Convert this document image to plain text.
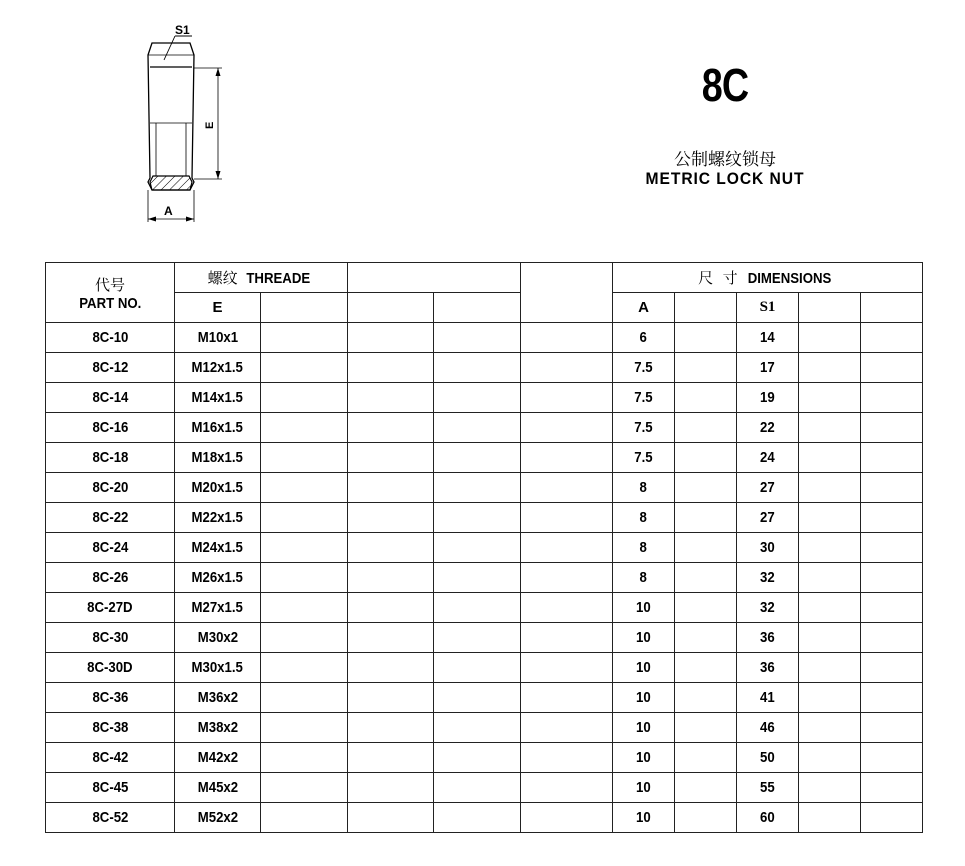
S1
E
A
8C
公制螺纹锁母
METRIC LOCK NUT
代号
PART NO.	螺纹 THREADE					尺  寸 DIMENSIONS				
	E					A		S1		
8C-10	M10x1					6		14		
8C-12	M12x1.5					7.5		17		
8C-14	M14x1.5					7.5		19		
8C-16	M16x1.5					7.5		22		
8C-18	M18x1.5					7.5		24		
8C-20	M20x1.5					8		27		
8C-22	M22x1.5					8		27		
8C-24	M24x1.5					8		30		
8C-26	M26x1.5					8		32		
8C-27D	M27x1.5					10		32		
8C-30	M30x2					10		36		
8C-30D	M30x1.5					10		36		
8C-36	M36x2					10		41		
8C-38	M38x2					10		46		
8C-42	M42x2					10		50		
8C-45	M45x2					10		55		
8C-52	M52x2					10		60		
